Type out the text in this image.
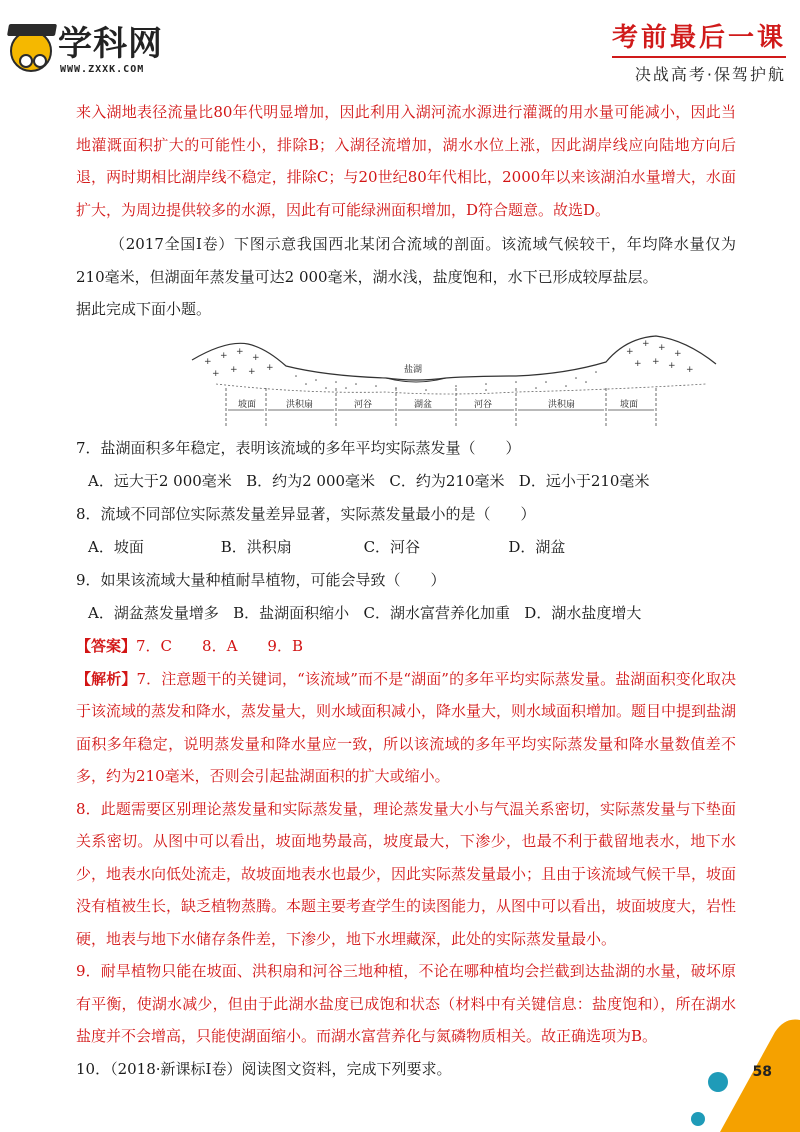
学科网
WWW.ZXXK.COM
考前最后一课
决战高考·保驾护航

来入湖地表径流量比80年代明显增加，因此利用入湖河流水源进行灌溉的用水量可能减小，因此当地灌溉面积扩大的可能性小，排除B；入湖径流增加，湖水水位上涨，因此湖岸线应向陆地方向后退，两时期相比湖岸线不稳定，排除C；与20世纪80年代相比，2000年以来该湖泊水量增大，水面扩大，为周边提供较多的水源，因此有可能绿洲面积增加，D符合题意。故选D。

（2017全国Ⅰ卷）下图示意我国西北某闭合流域的剖面。该流域气候较干，年均降水量仅为210毫米，但湖面年蒸发量可达2 000毫米，湖水浅，盐度饱和，水下已形成较厚盐层。

据此完成下面小题。

盐湖
+
+ +
+
+ + + +
+
+ +
+
+ + + +
坡面	洪积扇	河谷	湖盆	河谷	洪积扇	坡面

7．盐湖面积多年稳定，表明该流域的多年平均实际蒸发量（　　）

A．远大于2 000毫米 B．约为2 000毫米 C．约为210毫米 D．远小于210毫米

8．流域不同部位实际蒸发量差异显著，实际蒸发量最小的是（　　）

A．坡面	B．洪积扇	C．河谷	D．湖盆

9．如果该流域大量种植耐旱植物，可能会导致（　　）

A．湖盆蒸发量增多 B．盐湖面积缩小 C．湖水富营养化加重 D．湖水盐度增大

【答案】7．C　　8．A　　9．B

【解析】7．注意题干的关键词，“该流域”而不是“湖面”的多年平均实际蒸发量。盐湖面积变化取决于该流域的蒸发和降水，蒸发量大，则水域面积减小，降水量大，则水域面积增加。题目中提到盐湖面积多年稳定，说明蒸发量和降水量应一致，所以该流域的多年平均实际蒸发量和降水量数值差不多，约为210毫米，否则会引起盐湖面积的扩大或缩小。

8．此题需要区别理论蒸发量和实际蒸发量，理论蒸发量大小与气温关系密切，实际蒸发量与下垫面关系密切。从图中可以看出，坡面地势最高，坡度最大，下渗少，也最不利于截留地表水，地下水少，地表水向低处流走，故坡面地表水也最少，因此实际蒸发量最小；且由于该流域气候干旱，坡面没有植被生长，缺乏植物蒸腾。本题主要考查学生的读图能力，从图中可以看出，坡面坡度大，岩性硬，地表与地下水储存条件差，下渗少，地下水埋藏深，此处的实际蒸发量最小。

9．耐旱植物只能在坡面、洪积扇和河谷三地种植，不论在哪种植均会拦截到达盐湖的水量，破坏原有平衡，使湖水减少，但由于此湖水盐度已成饱和状态（材料中有关键信息：盐度饱和），所在湖水盐度并不会增高，只能使湖面缩小。而湖水富营养化与氮磷物质相关。故正确选项为B。

10．（2018·新课标Ⅰ卷）阅读图文资料，完成下列要求。	58
